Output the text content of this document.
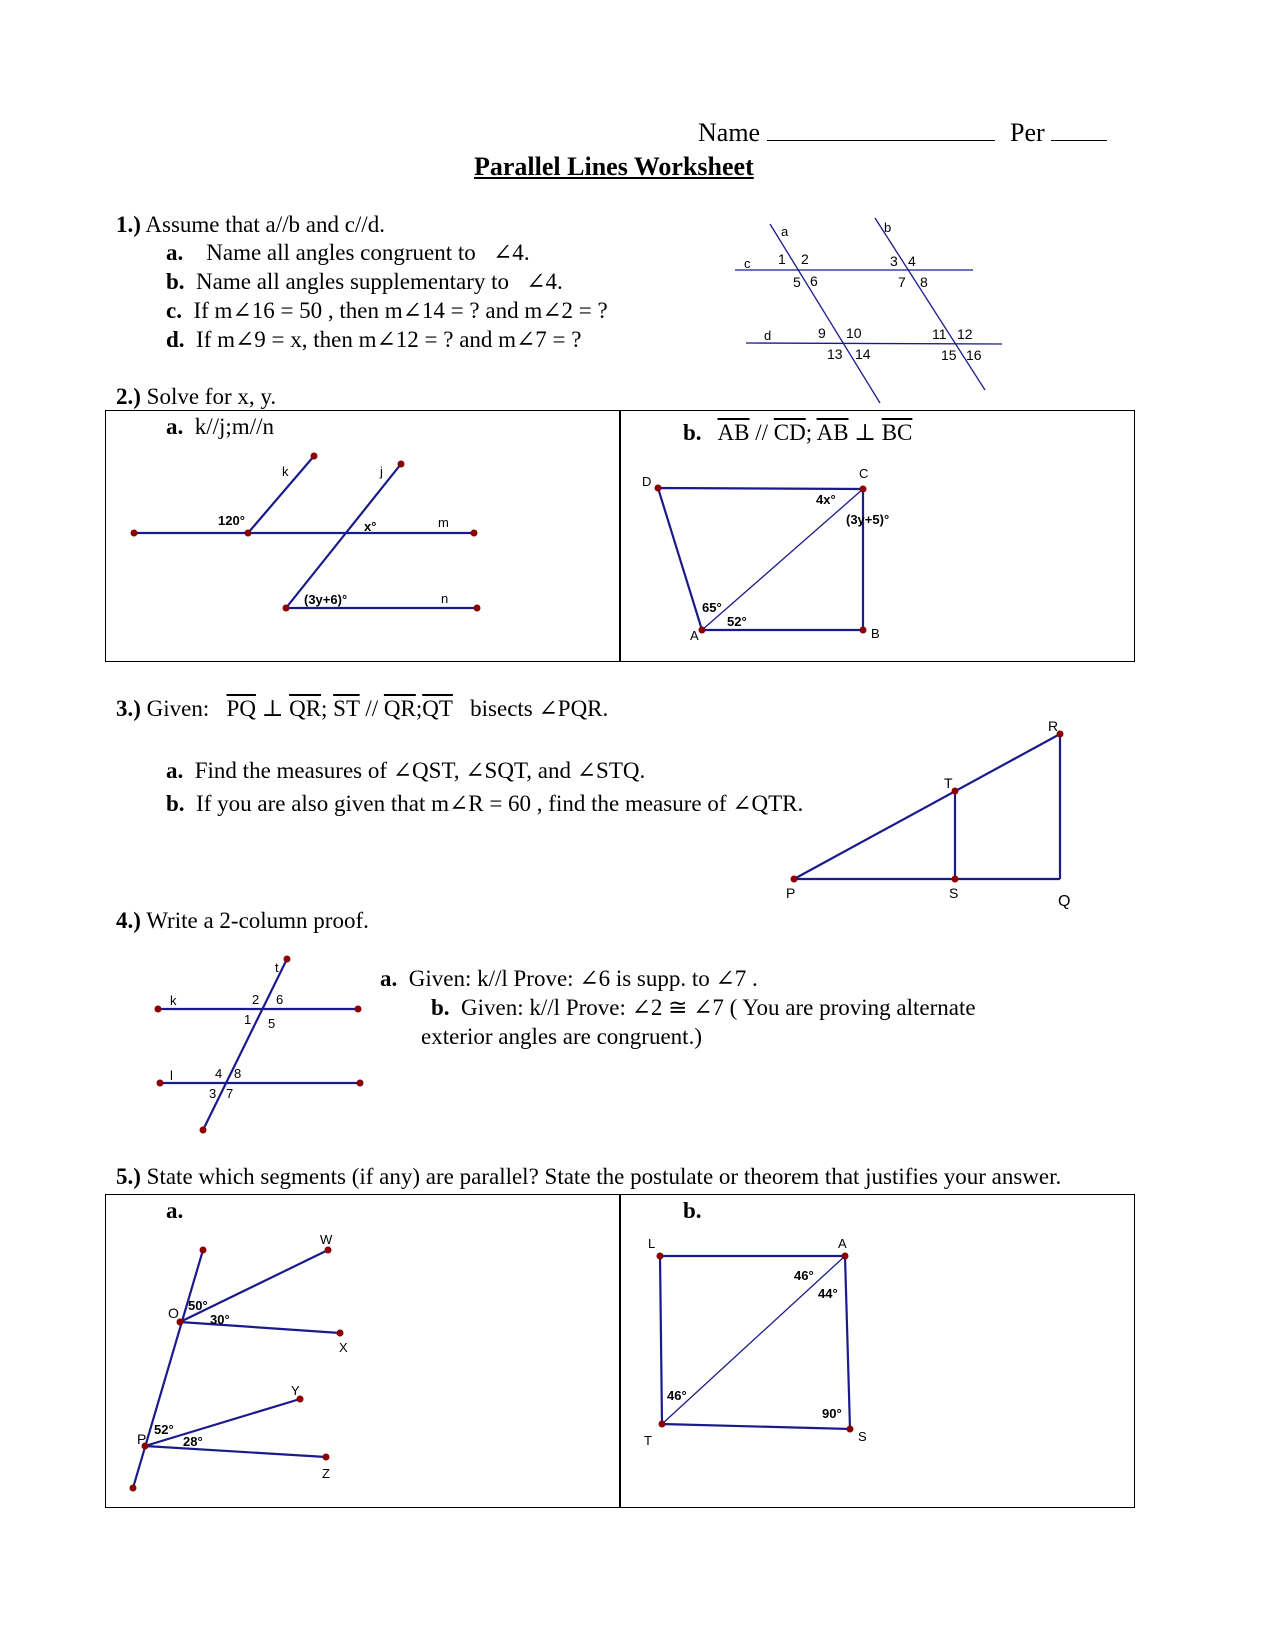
Name	Per
Parallel Lines Worksheet
1.) Assume that a//b and c//d.
a. Name all angles congruent to ∠4.
b. Name all angles supplementary to ∠4.
c. If m∠16 = 50 , then m∠14 = ? and m∠2 = ?
d. If m∠9 = x, then m∠12 = ? and m∠7 = ?
2.) Solve for x, y.
a. k//j;m//n	b. $\overline{AB} // \overline{CD}$; $\overline{AB}$ ⊥ $\overline{BC}$
3.) Given: $\overline{PQ}$ ⊥ $\overline{QR}$; $\overline{ST}$ // $\overline{QR};\overline{QT}$ bisects ∠PQR.
a. Find the measures of ∠QST, ∠SQT, and ∠STQ.
b. If you are also given that m∠R = 60 , find the measure of ∠QTR.
4.) Write a 2-column proof.
a. Given: k//l Prove: ∠6 is supp. to ∠7 .
b. Given: k//l Prove: ∠2 ≅ ∠7 ( You are proving alternate
exterior angles are congruent.)
5.) State which segments (if any) are parallel? State the postulate or theorem that justifies your answer.
a.	b.
a	b
c
d
1 2
5 6
3 4
7 8
9 10
13 14
11 12
15 16
k	j
m
n
120°	x°
(3y+6)°
D
C
A	B
4x°
(3y+5)°
65°
52°
R
T
P	S	Q
t
k
l
2 6
1 5
4 8
3 7
W
O
X
Y
P
Z
50°
30°
52°
28°
L	A
T	S
46°
44°
46°
90°
